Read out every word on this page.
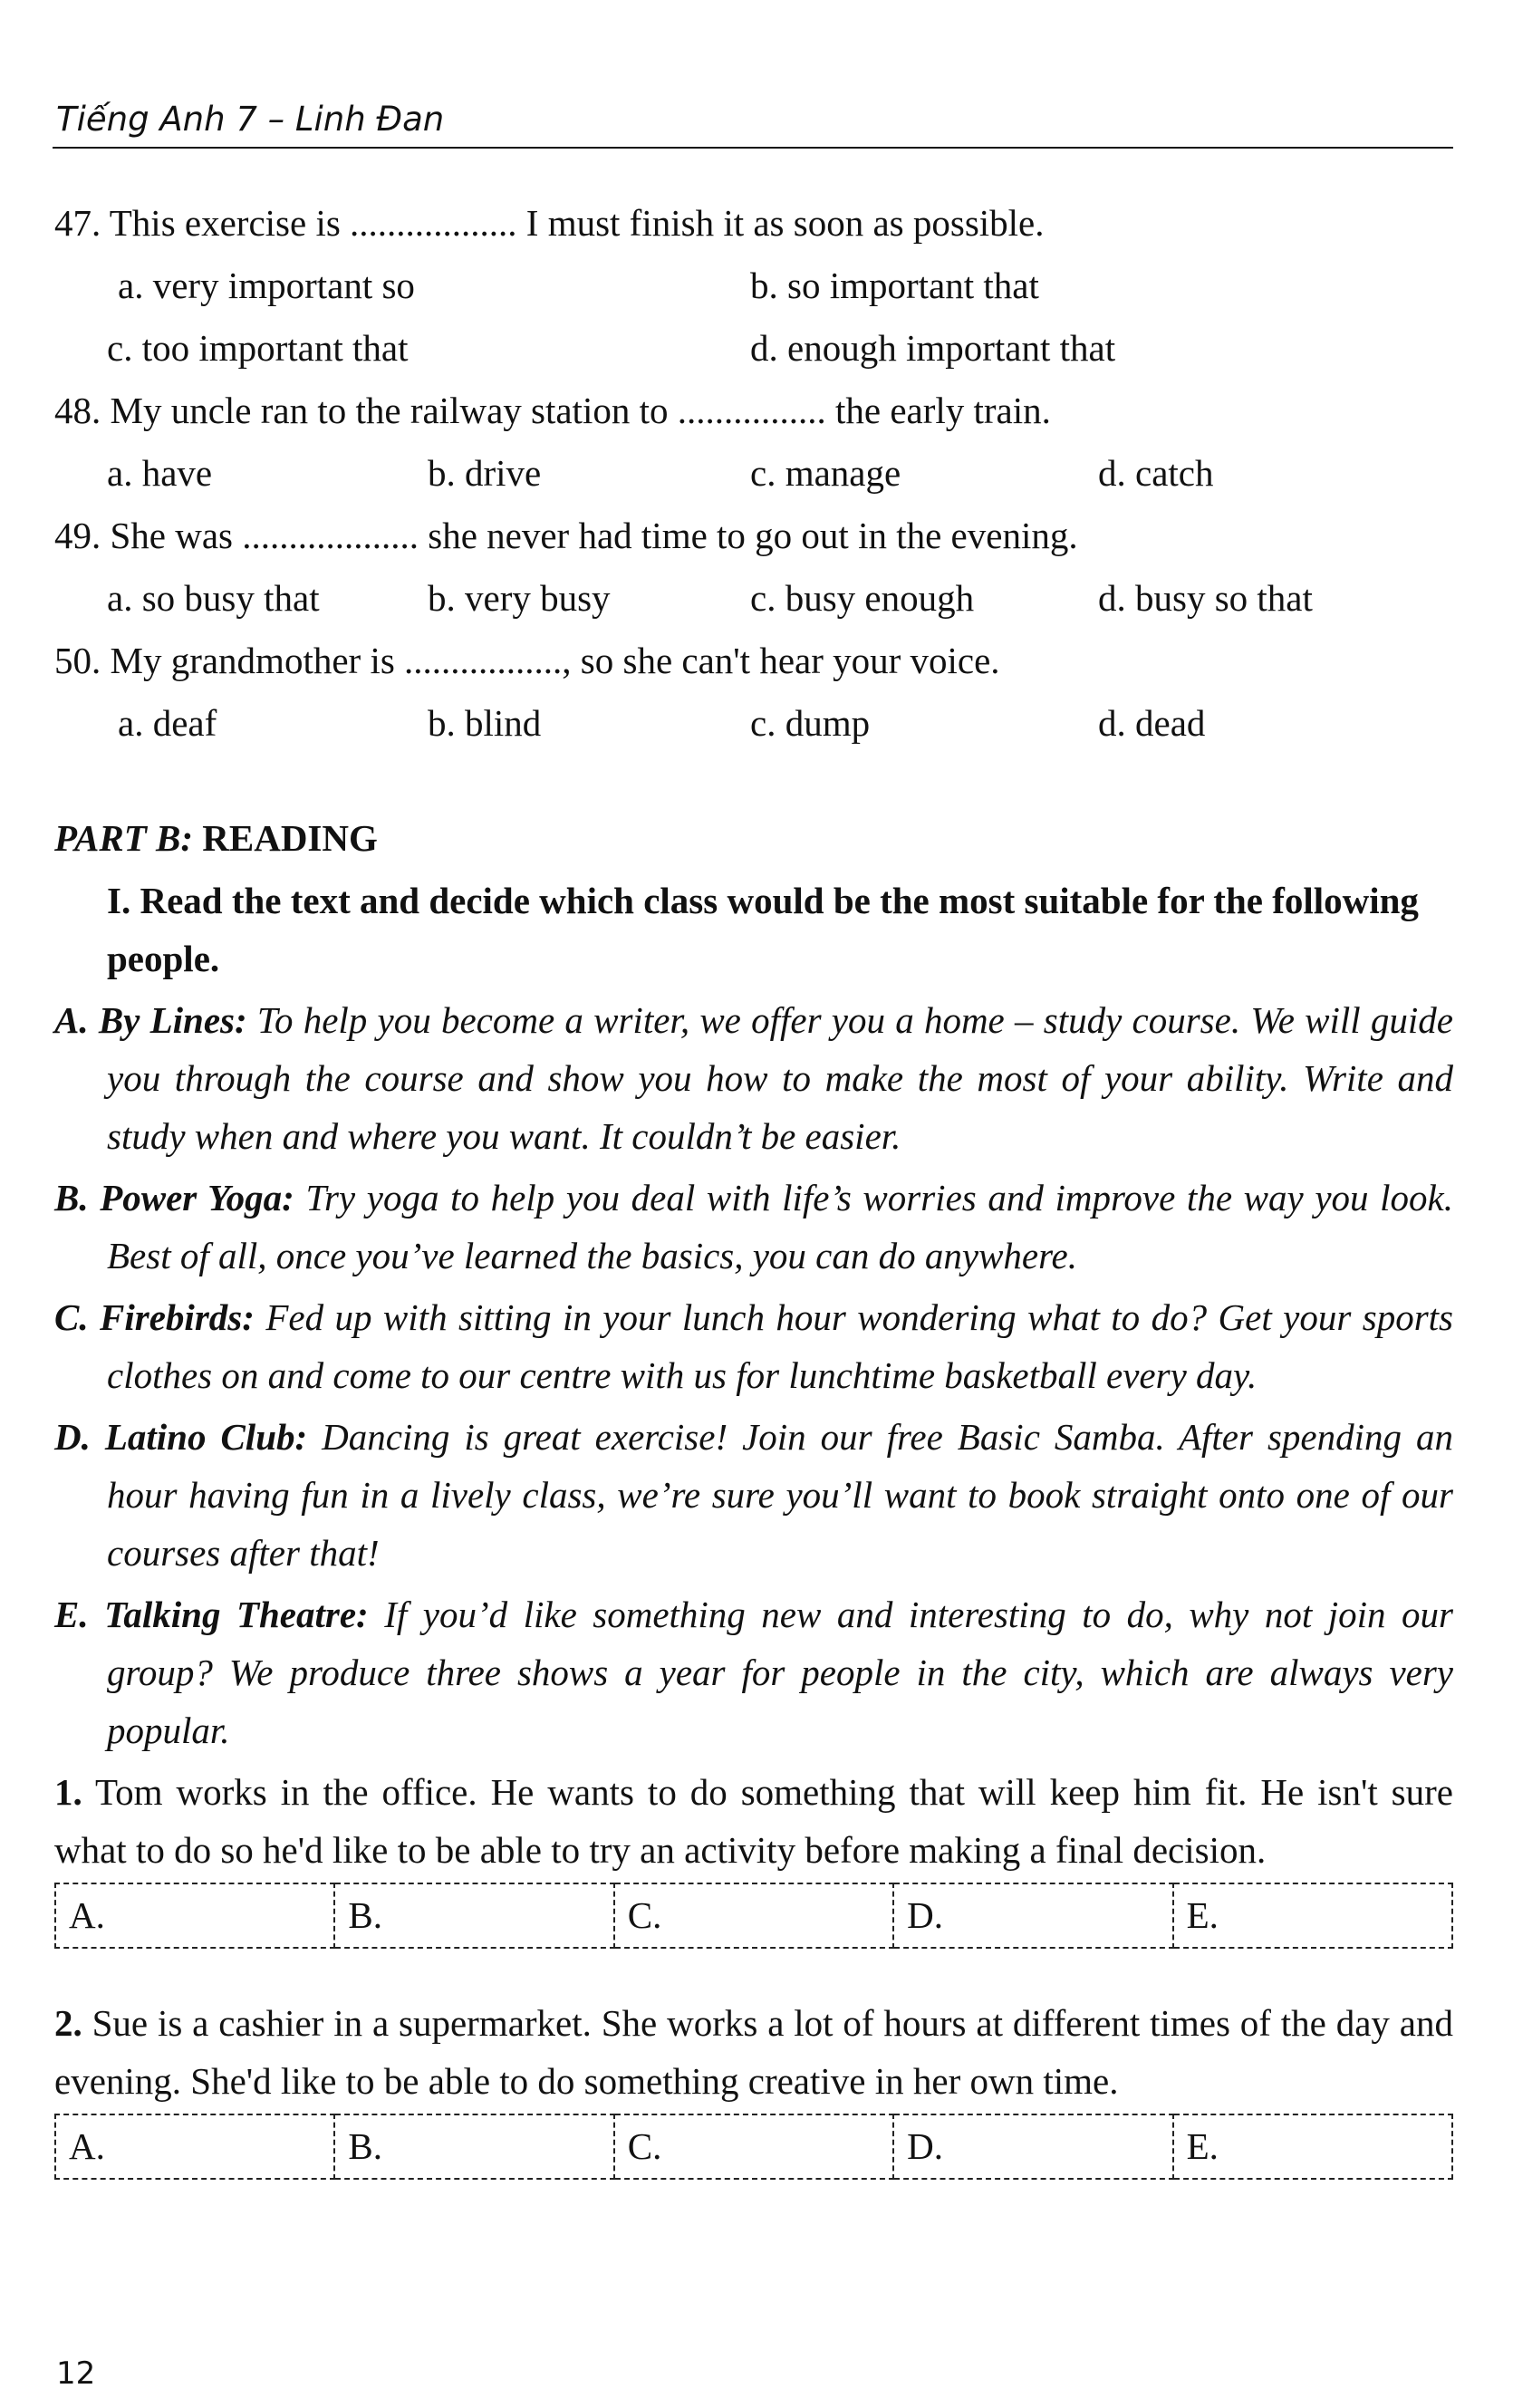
Tiếng Anh 7 – Linh Đan
47. This exercise is .................. I must finish it as soon as possible.
a. very important so	b. so important that
c. too important that	d. enough important that
48. My uncle ran to the railway station to ................ the early train.
a. have	b. drive	c. manage	d. catch
49. She was ................... she never had time to go out in the evening.
a. so busy that	b. very busy	c. busy enough	d. busy so that
50. My grandmother is ................., so she can't hear your voice.
a. deaf	b. blind	c. dump	d. dead
PART B: READING
I. Read the text and decide which class would be the most suitable for the following people.
A. By Lines: To help you become a writer, we offer you a home – study course. We will guide you through the course and show you how to make the most of your ability. Write and study when and where you want. It couldn’t be easier.
B. Power Yoga: Try yoga to help you deal with life’s worries and improve the way you look. Best of all, once you’ve learned the basics, you can do anywhere.
C. Firebirds: Fed up with sitting in your lunch hour wondering what to do? Get your sports clothes on and come to our centre with us for lunchtime basketball every day.
D. Latino Club: Dancing is great exercise! Join our free Basic Samba. After spending an hour having fun in a lively class, we’re sure you’ll want to book straight onto one of our courses after that!
E. Talking Theatre: If you’d like something new and interesting to do, why not join our group? We produce three shows a year for people in the city, which are always very popular.
1. Tom works in the office. He wants to do something that will keep him fit. He isn't sure what to do so he'd like to be able to try an activity before making a final decision.
A.	B.	C.	D.	E.
2. Sue is a cashier in a supermarket. She works a lot of hours at different times of the day and evening. She'd like to be able to do something creative in her own time.
A.	B.	C.	D.	E.
12
